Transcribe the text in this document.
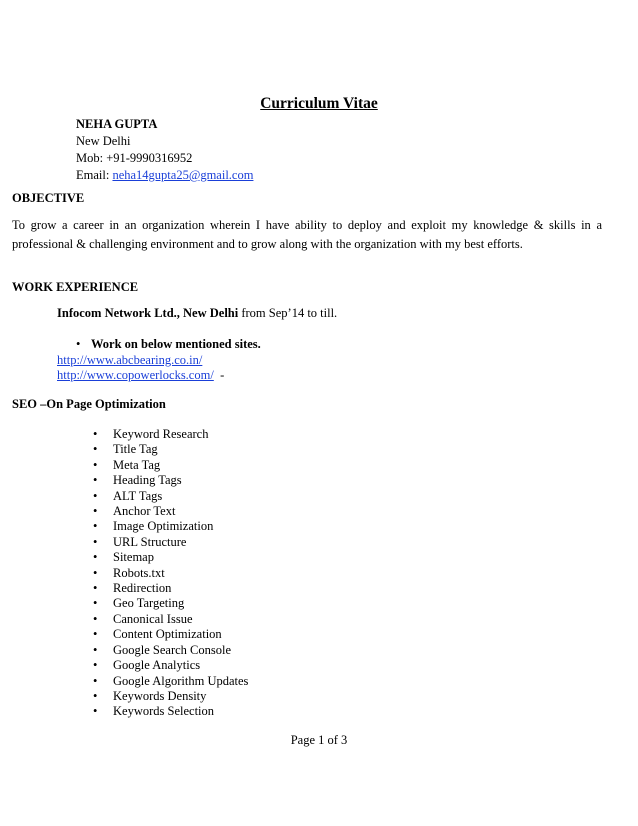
Curriculum Vitae
NEHA GUPTA
New Delhi
Mob: +91-9990316952
Email: neha14gupta25@gmail.com
OBJECTIVE
To grow a career in an organization wherein I have ability to deploy and exploit my knowledge & skills in a professional & challenging environment and to grow along with the organization with my best efforts.
WORK EXPERIENCE
Infocom Network Ltd., New Delhi from Sep’14 to till.
• Work on below mentioned sites.
http://www.abcbearing.co.in/
http://www.copowerlocks.com/ -
SEO –On Page Optimization
•	Keyword Research
•	Title Tag
•	Meta Tag
•	Heading Tags
•	ALT Tags
•	Anchor Text
•	Image Optimization
•	URL Structure
•	Sitemap
•	Robots.txt
•	Redirection
•	Geo Targeting
•	Canonical Issue
•	Content Optimization
•	Google Search Console
•	Google Analytics
•	Google Algorithm Updates
•	Keywords Density
•	Keywords Selection
Page 1 of 3
